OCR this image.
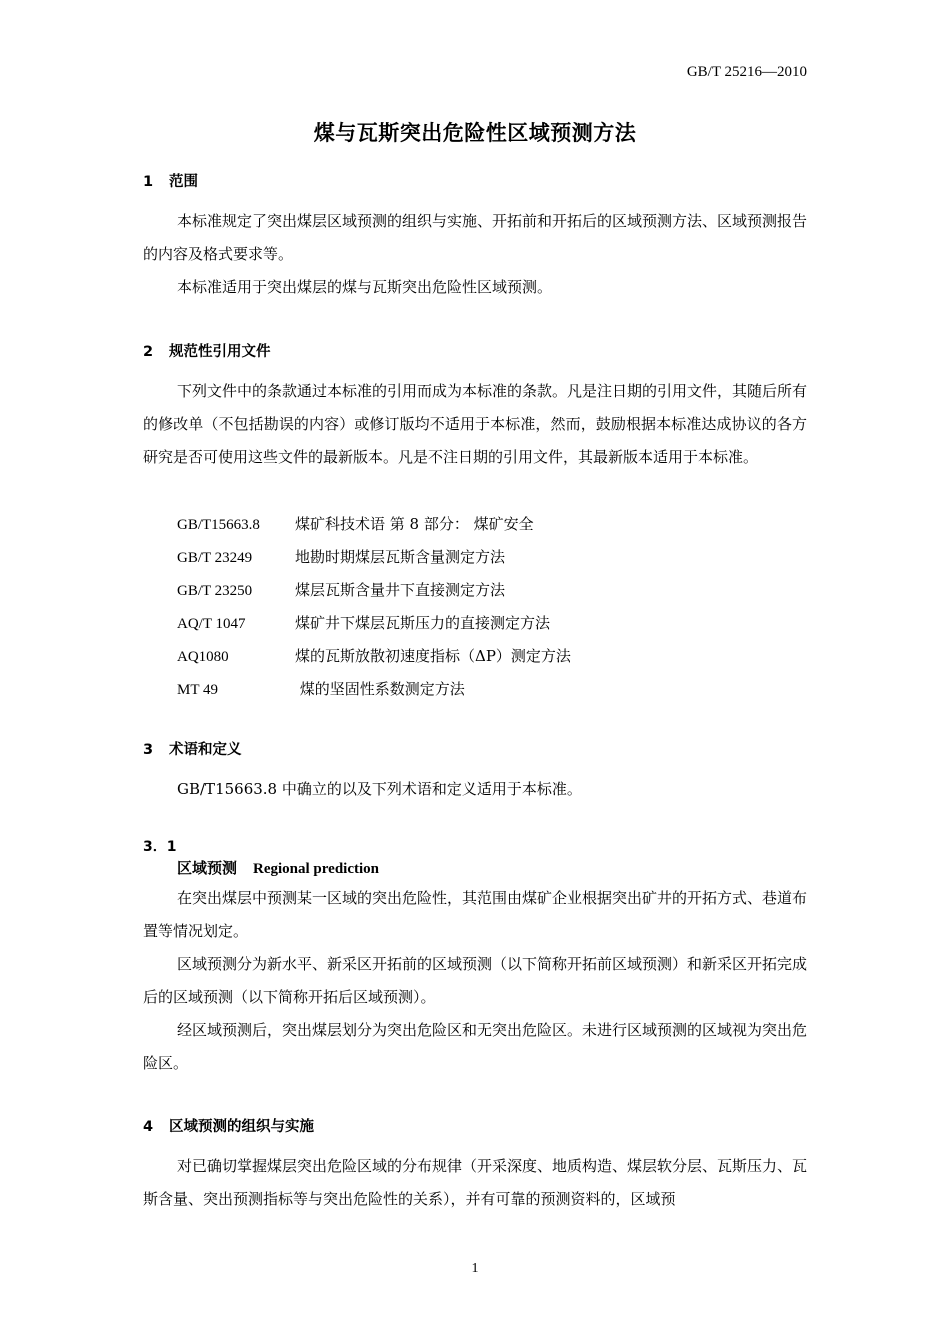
GB/T 25216—2010
煤与瓦斯突出危险性区域预测方法
1 范围

本标准规定了突出煤层区域预测的组织与实施、开拓前和开拓后的区域预测方法、区域预测报告的内容及格式要求等。

本标准适用于突出煤层的煤与瓦斯突出危险性区域预测。

2 规范性引用文件

下列文件中的条款通过本标准的引用而成为本标准的条款。凡是注日期的引用文件，其随后所有的修改单（不包括勘误的内容）或修订版均不适用于本标准，然而，鼓励根据本标准达成协议的各方研究是否可使用这些文件的最新版本。凡是不注日期的引用文件，其最新版本适用于本标准。

GB/T15663.8 煤矿科技术语 第 8 部分： 煤矿安全
GB/T 23249	地勘时期煤层瓦斯含量测定方法
GB/T 23250	煤层瓦斯含量井下直接测定方法
AQ/T 1047	煤矿井下煤层瓦斯压力的直接测定方法
AQ1080	煤的瓦斯放散初速度指标（ΔP）测定方法
MT 49	煤的坚固性系数测定方法
3 术语和定义

GB/T15663.8 中确立的以及下列术语和定义适用于本标准。

3．1
区域预测 Regional prediction

在突出煤层中预测某一区域的突出危险性，其范围由煤矿企业根据突出矿井的开拓方式、巷道布置等情况划定。

区域预测分为新水平、新采区开拓前的区域预测（以下简称开拓前区域预测）和新采区开拓完成后的区域预测（以下简称开拓后区域预测）。

经区域预测后，突出煤层划分为突出危险区和无突出危险区。未进行区域预测的区域视为突出危险区。

4 区域预测的组织与实施

对已确切掌握煤层突出危险区域的分布规律（开采深度、地质构造、煤层软分层、瓦斯压力、瓦斯含量、突出预测指标等与突出危险性的关系），并有可靠的预测资料的，区域预

1
